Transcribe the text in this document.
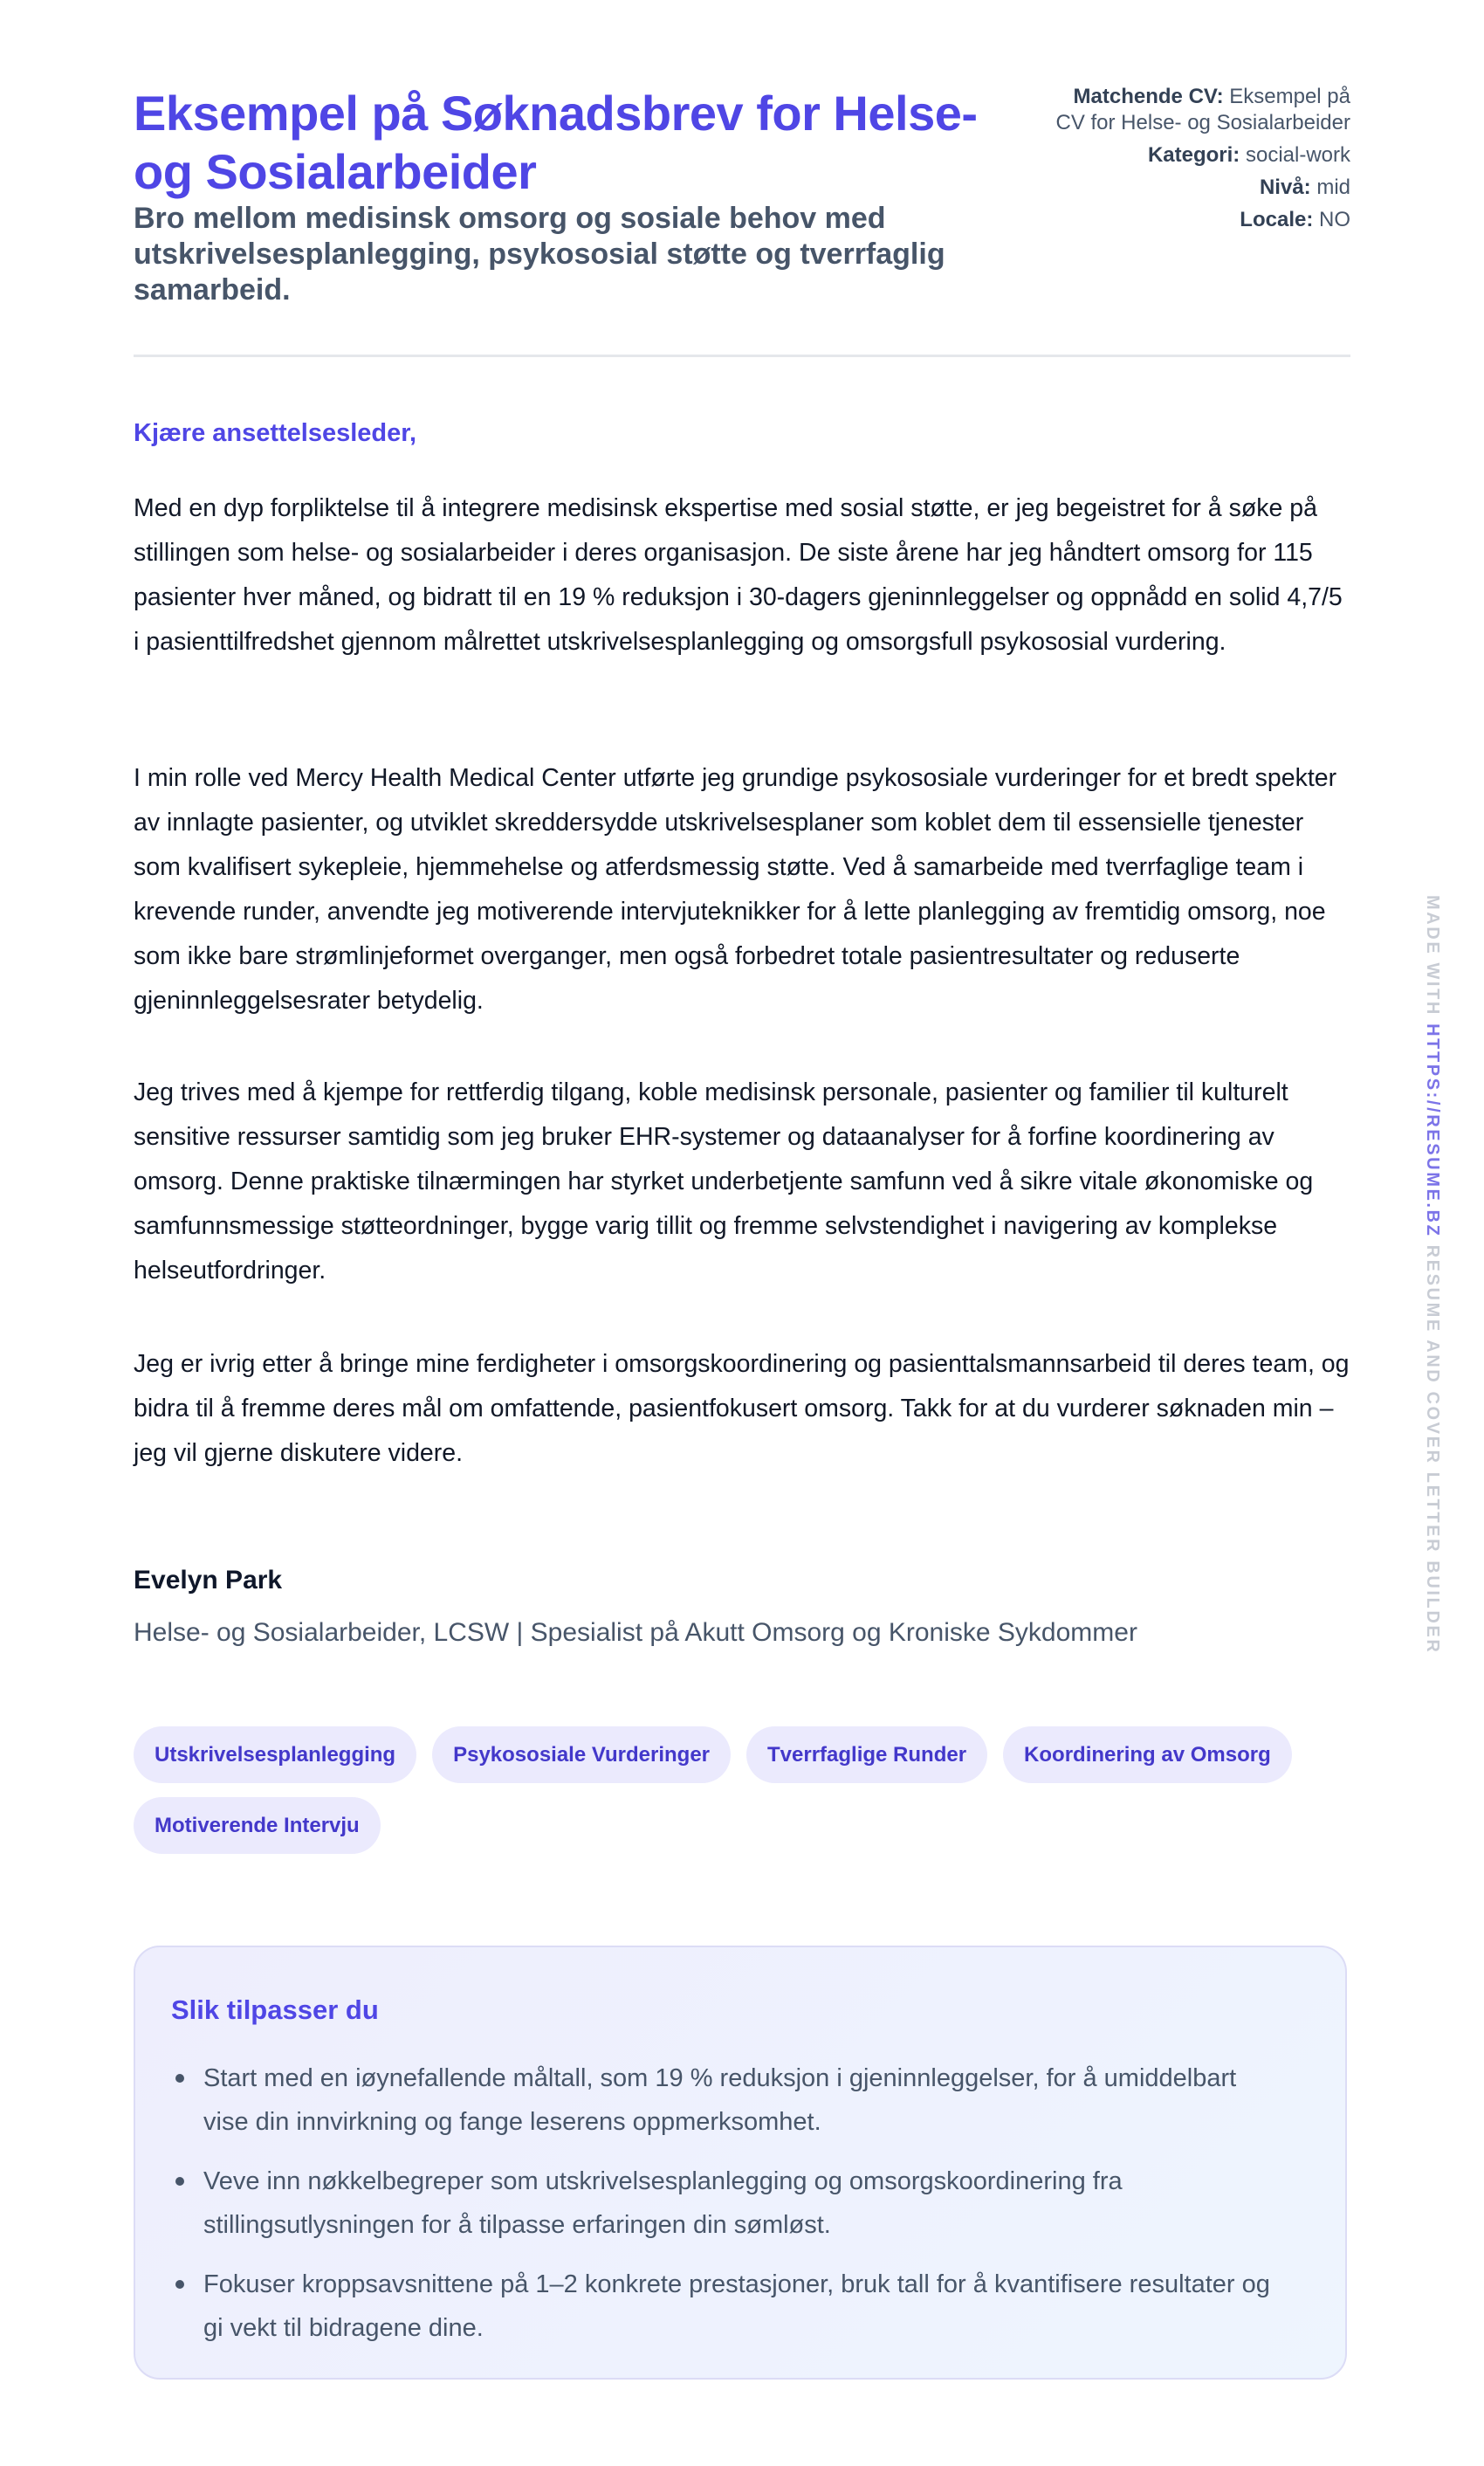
Eksempel på Søknadsbrev for Helse- og Sosialarbeider
Bro mellom medisinsk omsorg og sosiale behov med utskrivelsesplanlegging, psykososial støtte og tverrfaglig samarbeid.

Matchende CV: Eksempel på CV for Helse- og Sosialarbeider

Kategori: social-work

Nivå: mid

Locale: NO

Kjære ansettelsesleder,

Med en dyp forpliktelse til å integrere medisinsk ekspertise med sosial støtte, er jeg begeistret for å søke på stillingen som helse- og sosialarbeider i deres organisasjon. De siste årene har jeg håndtert omsorg for 115 pasienter hver måned, og bidratt til en 19 % reduksjon i 30-dagers gjeninnleggelser og oppnådd en solid 4,7/5 i pasienttilfredshet gjennom målrettet utskrivelsesplanlegging og omsorgsfull psykososial vurdering.

I min rolle ved Mercy Health Medical Center utførte jeg grundige psykososiale vurderinger for et bredt spekter av innlagte pasienter, og utviklet skreddersydde utskrivelsesplaner som koblet dem til essensielle tjenester som kvalifisert sykepleie, hjemmehelse og atferdsmessig støtte. Ved å samarbeide med tverrfaglige team i krevende runder, anvendte jeg motiverende intervjuteknikker for å lette planlegging av fremtidig omsorg, noe som ikke bare strømlinjeformet overganger, men også forbedret totale pasientresultater og reduserte gjeninnleggelsesrater betydelig.

Jeg trives med å kjempe for rettferdig tilgang, koble medisinsk personale, pasienter og familier til kulturelt sensitive ressurser samtidig som jeg bruker EHR-systemer og dataanalyser for å forfine koordinering av omsorg. Denne praktiske tilnærmingen har styrket underbetjente samfunn ved å sikre vitale økonomiske og samfunnsmessige støtteordninger, bygge varig tillit og fremme selvstendighet i navigering av komplekse helseutfordringer.

Jeg er ivrig etter å bringe mine ferdigheter i omsorgskoordinering og pasienttalsmannsarbeid til deres team, og bidra til å fremme deres mål om omfattende, pasientfokusert omsorg. Takk for at du vurderer søknaden min – jeg vil gjerne diskutere videre.

Evelyn Park
Helse- og Sosialarbeider, LCSW | Spesialist på Akutt Omsorg og Kroniske Sykdommer
Utskrivelsesplanlegging	Psykososiale Vurderinger	Tverrfaglige Runder	Koordinering av Omsorg
Motiverende Intervju
Slik tilpasser du
Start med en iøynefallende måltall, som 19 % reduksjon i gjeninnleggelser, for å umiddelbart vise din innvirkning og fange leserens oppmerksomhet.
Veve inn nøkkelbegreper som utskrivelsesplanlegging og omsorgskoordinering fra stillingsutlysningen for å tilpasse erfaringen din sømløst.
Fokuser kroppsavsnittene på 1–2 konkrete prestasjoner, bruk tall for å kvantifisere resultater og gi vekt til bidragene dine.
MADE WITH HTTPS://RESUME.BZ RESUME AND COVER LETTER BUILDER
